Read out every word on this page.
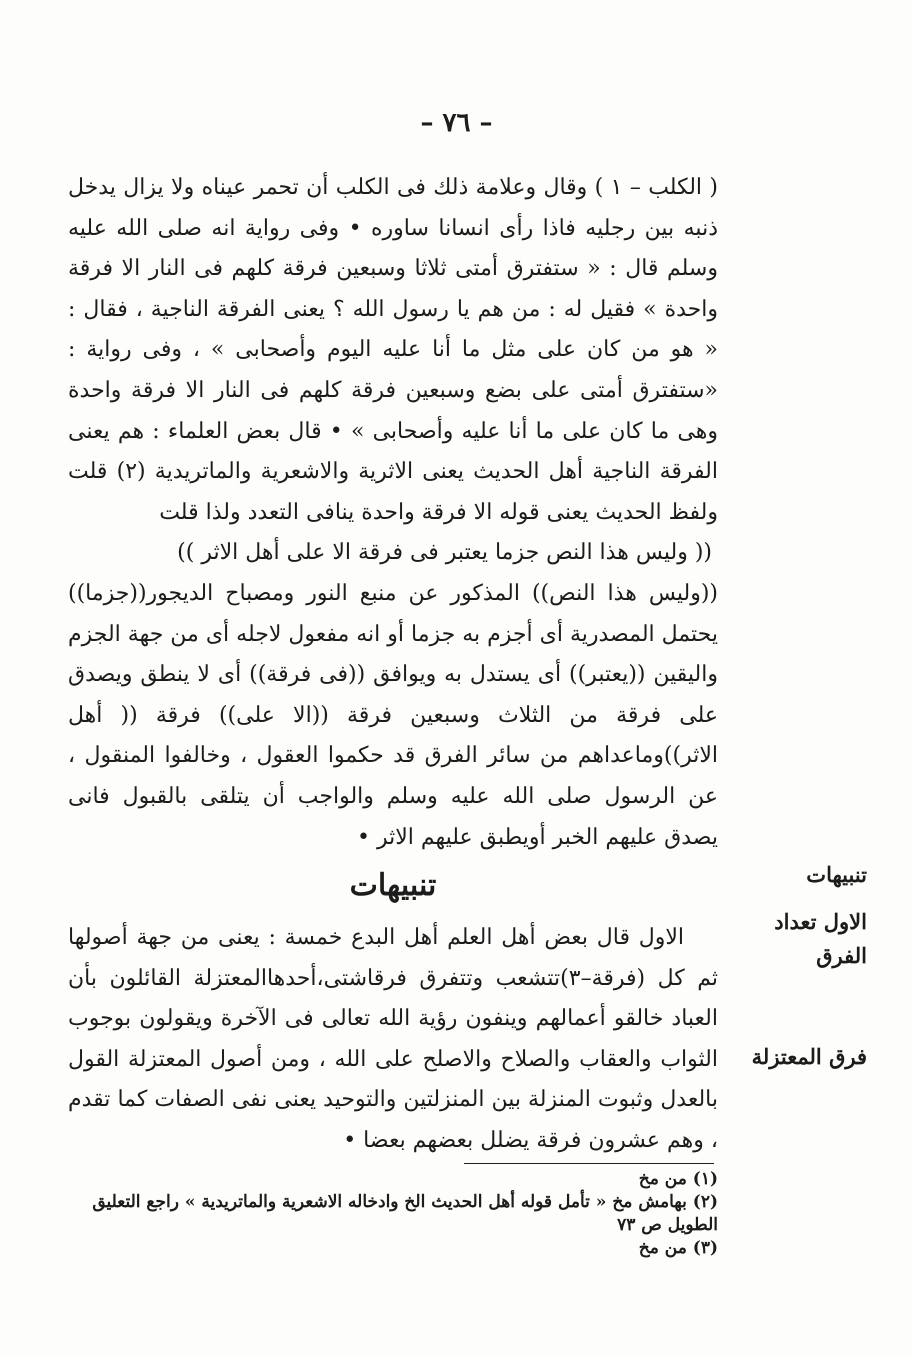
– ٧٦ –

( الكلب – ١ ) وقال وعلامة ذلك فى الكلب أن تحمر عيناه ولا يزال يدخل ذنبه بين رجليه فاذا رأى انسانا ساوره • وفى رواية انه صلى الله عليه وسلم قال : « ستفترق أمتى ثلاثا وسبعين فرقة كلهم فى النار الا فرقة واحدة » فقيل له : من هم يا رسول الله ؟ يعنى الفرقة الناجية ، فقال : « هو من كان على مثل ما أنا عليه اليوم وأصحابى » ، وفى رواية : «ستفترق أمتى على بضع وسبعين فرقة كلهم فى النار الا فرقة واحدة وهى ما كان على ما أنا عليه وأصحابى » • قال بعض العلماء : هم يعنى الفرقة الناجية أهل الحديث يعنى الاثرية والاشعرية والماتريدية (٢) قلت ولفظ الحديث يعنى قوله الا فرقة واحدة ينافى التعدد ولذا قلت

(( وليس هذا النص جزما يعتبر فى فرقة الا على أهل الاثر ))

((وليس هذا النص)) المذكور عن منبع النور ومصباح الديجور((جزما)) يحتمل المصدرية أى أجزم به جزما أو انه مفعول لاجله أى من جهة الجزم واليقين ((يعتبر)) أى يستدل به ويوافق ((فى فرقة)) أى لا ينطق ويصدق على فرقة من الثلاث وسبعين فرقة ((الا على)) فرقة (( أهل الاثر))وماعداهم من سائر الفرق قد حكموا العقول ، وخالفوا المنقول ، عن الرسول صلى الله عليه وسلم والواجب أن يتلقى بالقبول فانى يصدق عليهم الخبر أويطبق عليهم الاثر •

تنبيهات

الاول قال بعض أهل العلم أهل البدع خمسة : يعنى من جهة أصولها ثم كل (فرقة–٣)تتشعب وتتفرق فرقاشتى،أحدهاالمعتزلة القائلون بأن العباد خالقو أعمالهم وينفون رؤية الله تعالى فى الآخرة ويقولون بوجوب الثواب والعقاب والصلاح والاصلح على الله ، ومن أصول المعتزلة القول بالعدل وثبوت المنزلة بين المنزلتين والتوحيد يعنى نفى الصفات كما تقدم ، وهم عشرون فرقة يضلل بعضهم بعضا •

تنبيهات
الاول تعداد الفرق
فرق المعتزلة

(١) من مخ

(٢) بهامش مخ « تأمل قوله أهل الحديث الخ وادخاله الاشعرية والماتريدية » راجع التعليق الطويل ص ٧٣

(٣) من مخ
